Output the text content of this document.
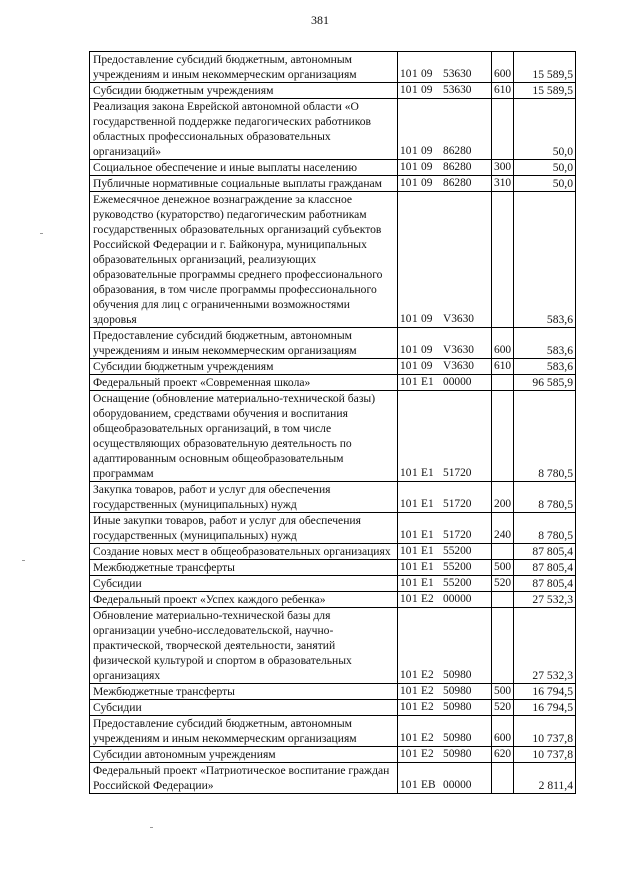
381
Предоставление субсидий бюджетным, автономным учреждениям и иным некоммерческим организациям	101 09 53630	600	15 589,5
Субсидии бюджетным учреждениям	101 09 53630	610	15 589,5
Реализация закона Еврейской автономной области «О государственной поддержке педагогических работников областных профессиональных образовательных организаций»	101 09 86280		50,0
Социальное обеспечение и иные выплаты населению	101 09 86280	300	50,0
Публичные нормативные социальные выплаты гражданам	101 09 86280	310	50,0
Ежемесячное денежное вознаграждение за классное руководство (кураторство) педагогическим работникам государственных образовательных организаций субъектов Российской Федерации и г. Байконура, муниципальных образовательных организаций, реализующих образовательные программы среднего профессионального образования, в том числе программы профессионального обучения для лиц с ограниченными возможностями здоровья	101 09 V3630		583,6
Предоставление субсидий бюджетным, автономным учреждениям и иным некоммерческим организациям	101 09 V3630	600	583,6
Субсидии бюджетным учреждениям	101 09 V3630	610	583,6
Федеральный проект «Современная школа»	101 E1 00000		96 585,9
Оснащение (обновление материально-технической базы) оборудованием, средствами обучения и воспитания общеобразовательных организаций, в том числе осуществляющих образовательную деятельность по адаптированным основным общеобразовательным программам	101 E1 51720		8 780,5
Закупка товаров, работ и услуг для обеспечения государственных (муниципальных) нужд	101 E1 51720	200	8 780,5
Иные закупки товаров, работ и услуг для обеспечения государственных (муниципальных) нужд	101 E1 51720	240	8 780,5
Создание новых мест в общеобразовательных организациях	101 E1 55200		87 805,4
Межбюджетные трансферты	101 E1 55200	500	87 805,4
Субсидии	101 E1 55200	520	87 805,4
Федеральный проект «Успех каждого ребенка»	101 E2 00000		27 532,3
Обновление материально-технической базы для организации учебно-исследовательской, научно-практической, творческой деятельности, занятий физической культурой и спортом в образовательных организациях	101 E2 50980		27 532,3
Межбюджетные трансферты	101 E2 50980	500	16 794,5
Субсидии	101 E2 50980	520	16 794,5
Предоставление субсидий бюджетным, автономным учреждениям и иным некоммерческим организациям	101 E2 50980	600	10 737,8
Субсидии автономным учреждениям	101 E2 50980	620	10 737,8
Федеральный проект «Патриотическое воспитание граждан Российской Федерации»	101 EB 00000		2 811,4
